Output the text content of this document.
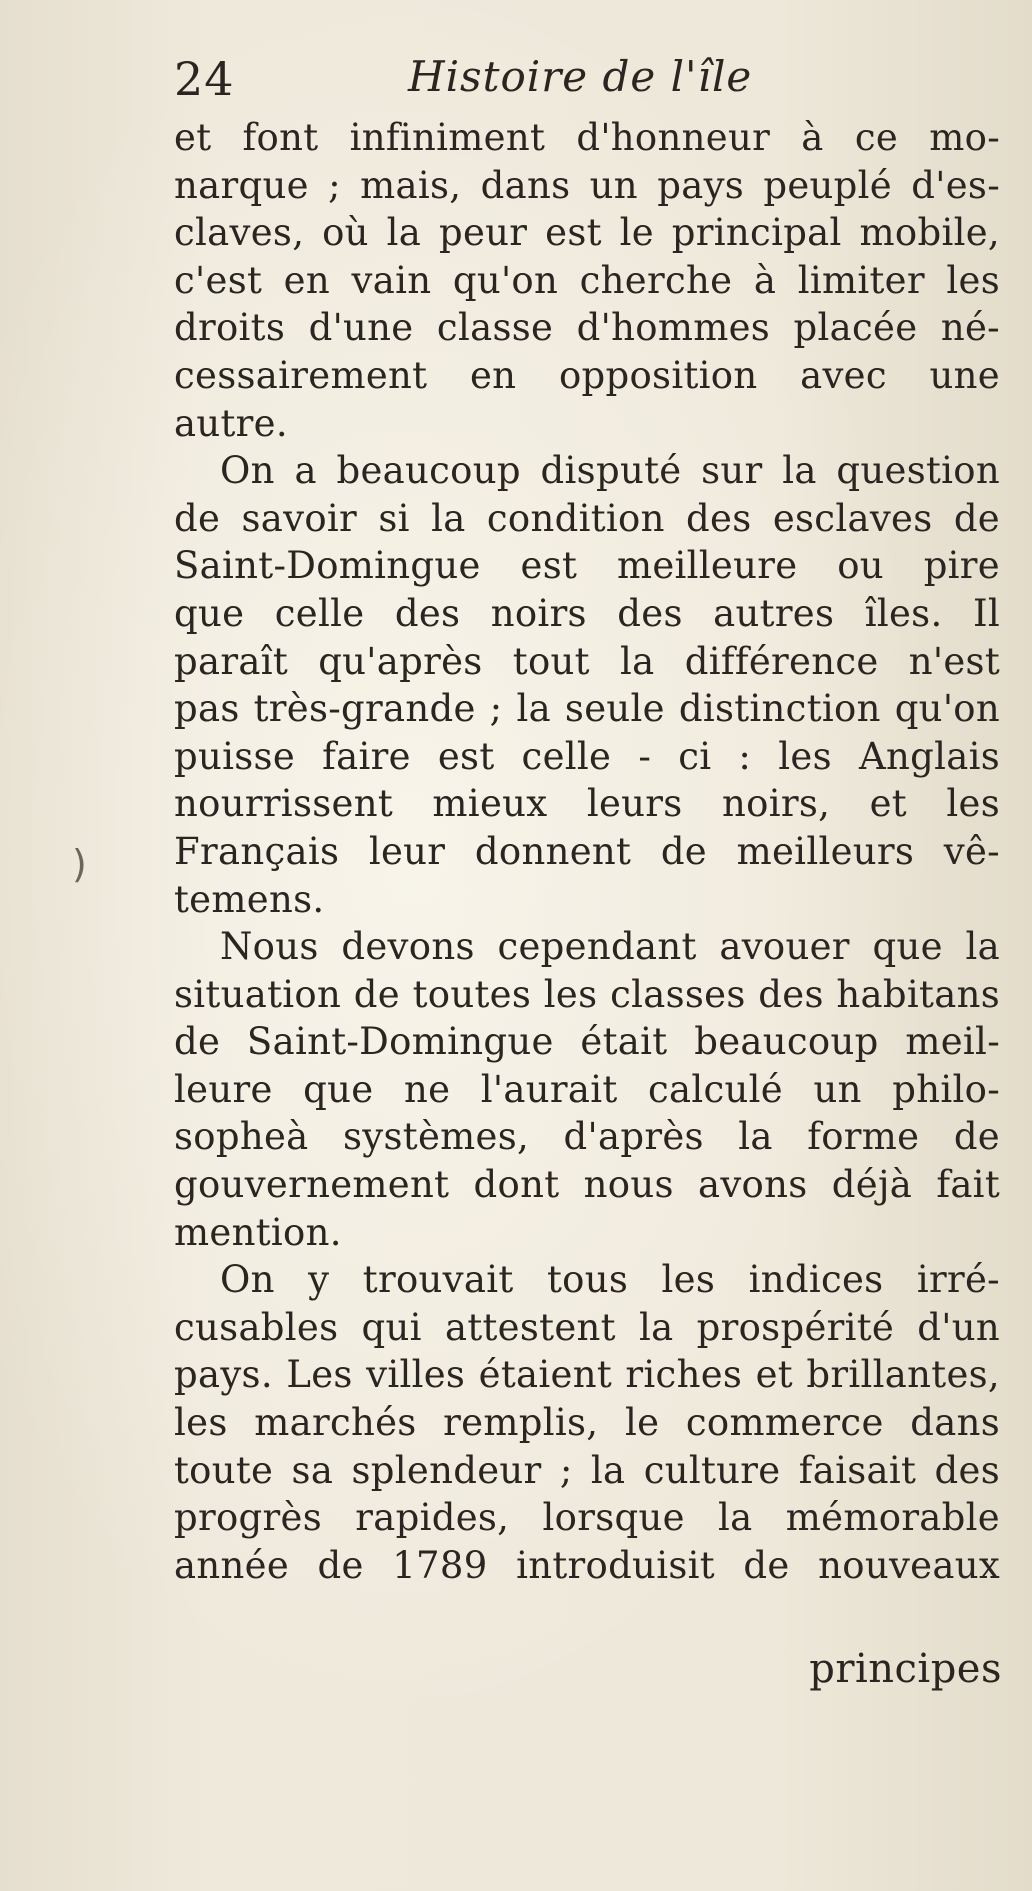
)
24	Histoire de l'île
et font infiniment d'honneur à ce mo-
narque ; mais, dans un pays peuplé d'es-
claves, où la peur est le principal mobile,
c'est en vain qu'on cherche à limiter les
droits d'une classe d'hommes placée né-
cessairement en opposition avec une
autre.
On a beaucoup disputé sur la question
de savoir si la condition des esclaves de
Saint-Domingue est meilleure ou pire
que celle des noirs des autres îles. Il
paraît qu'après tout la différence n'est
pas très-grande ; la seule distinction qu'on
puisse faire est celle - ci : les Anglais
nourrissent mieux leurs noirs, et les
Français leur donnent de meilleurs vê-
temens.
Nous devons cependant avouer que la
situation de toutes les classes des habitans
de Saint-Domingue était beaucoup meil-
leure que ne l'aurait calculé un philo-
sopheà systèmes, d'après la forme de
gouvernement dont nous avons déjà fait
mention.
On y trouvait tous les indices irré-
cusables qui attestent la prospérité d'un
pays. Les villes étaient riches et brillantes,
les marchés remplis, le commerce dans
toute sa splendeur ; la culture faisait des
progrès rapides, lorsque la mémorable
année de 1789 introduisit de nouveaux
principes
